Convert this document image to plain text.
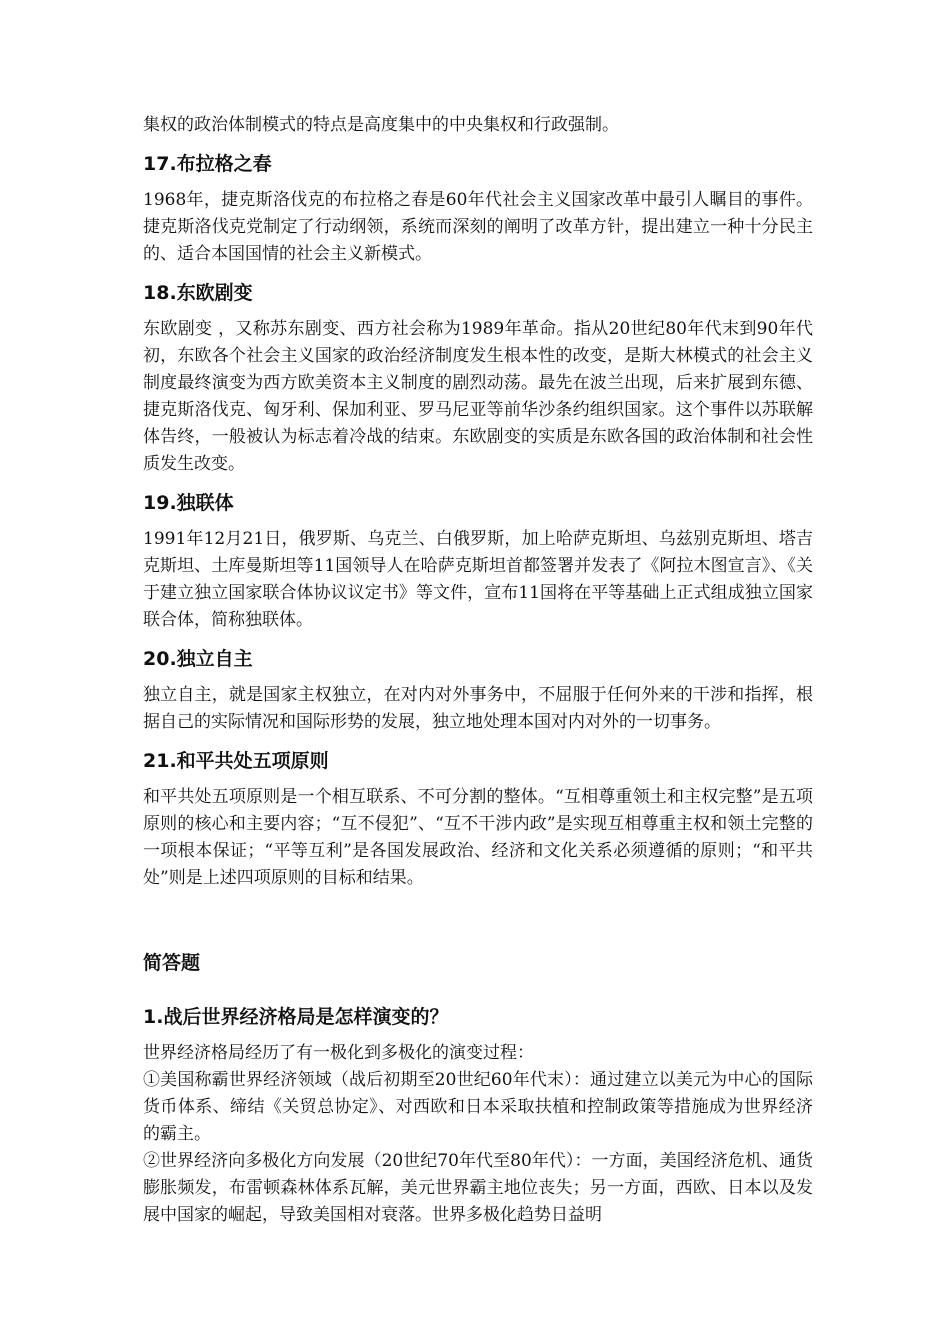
集权的政治体制模式的特点是高度集中的中央集权和行政强制。

17.布拉格之春

1968年，捷克斯洛伐克的布拉格之春是60年代社会主义国家改革中最引人瞩目的事件。捷克斯洛伐克党制定了行动纲领，系统而深刻的阐明了改革方针，提出建立一种十分民主的、适合本国国情的社会主义新模式。

18.东欧剧变

东欧剧变 ，又称苏东剧变、西方社会称为1989年革命。指从20世纪80年代末到90年代初，东欧各个社会主义国家的政治经济制度发生根本性的改变，是斯大林模式的社会主义制度最终演变为西方欧美资本主义制度的剧烈动荡。最先在波兰出现，后来扩展到东德、捷克斯洛伐克、匈牙利、保加利亚、罗马尼亚等前华沙条约组织国家。这个事件以苏联解体告终，一般被认为标志着冷战的结束。东欧剧变的实质是东欧各国的政治体制和社会性质发生改变。

19.独联体

1991年12月21日，俄罗斯、乌克兰、白俄罗斯，加上哈萨克斯坦、乌兹别克斯坦、塔吉克斯坦、土库曼斯坦等11国领导人在哈萨克斯坦首都签署并发表了《阿拉木图宣言》、《关于建立独立国家联合体协议议定书》等文件，宣布11国将在平等基础上正式组成独立国家联合体，简称独联体。

20.独立自主

独立自主，就是国家主权独立，在对内对外事务中，不屈服于任何外来的干涉和指挥，根据自己的实际情况和国际形势的发展，独立地处理本国对内对外的一切事务。

21.和平共处五项原则

和平共处五项原则是一个相互联系、不可分割的整体。“互相尊重领土和主权完整”是五项原则的核心和主要内容；“互不侵犯”、“互不干涉内政”是实现互相尊重主权和领土完整的一项根本保证；“平等互利”是各国发展政治、经济和文化关系必须遵循的原则；“和平共处”则是上述四项原则的目标和结果。

简答题
1.战后世界经济格局是怎样演变的？

世界经济格局经历了有一极化到多极化的演变过程：

①美国称霸世界经济领域（战后初期至20世纪60年代末）：通过建立以美元为中心的国际货币体系、缔结《关贸总协定》、对西欧和日本采取扶植和控制政策等措施成为世界经济的霸主。

②世界经济向多极化方向发展（20世纪70年代至80年代）：一方面，美国经济危机、通货膨胀频发，布雷顿森林体系瓦解，美元世界霸主地位丧失；另一方面，西欧、日本以及发展中国家的崛起，导致美国相对衰落。世界多极化趋势日益明
